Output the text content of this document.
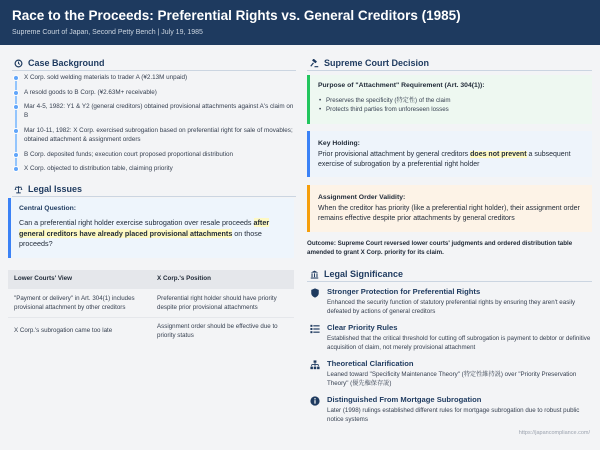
Race to the Proceeds: Preferential Rights vs. General Creditors (1985)
Supreme Court of Japan, Second Petty Bench | July 19, 1985
Case Background
X Corp. sold welding materials to trader A (¥2.13M unpaid)
A resold goods to B Corp. (¥2.63M+ receivable)
Mar 4-5, 1982: Y1 & Y2 (general creditors) obtained provisional attachments against A's claim on B
Mar 10-11, 1982: X Corp. exercised subrogation based on preferential right for sale of movables; obtained attachment & assignment orders
B Corp. deposited funds; execution court proposed proportional distribution
X Corp. objected to distribution table, claiming priority
Legal Issues
Central Question:
Can a preferential right holder exercise subrogation over resale proceeds after general creditors have already placed provisional attachments on those proceeds?
Lower Courts' View	X Corp.'s Position
"Payment or delivery" in Art. 304(1) includes provisional attachment by other creditors
Preferential right holder should have priority despite prior provisional attachments
X Corp.'s subrogation came too late
Assignment order should be effective due to priority status
Supreme Court Decision
Purpose of "Attachment" Requirement (Art. 304(1)):
• Preserves the specificity (特定性) of the claim
• Protects third parties from unforeseen losses
Key Holding:
Prior provisional attachment by general creditors does not prevent a subsequent exercise of subrogation by a preferential right holder
Assignment Order Validity:
When the creditor has priority (like a preferential right holder), their assignment order remains effective despite prior attachments by general creditors
Outcome: Supreme Court reversed lower courts' judgments and ordered distribution table amended to grant X Corp. priority for its claim.
Legal Significance
Stronger Protection for Preferential Rights
Enhanced the security function of statutory preferential rights by ensuring they aren't easily defeated by actions of general creditors
Clear Priority Rules
Established that the critical threshold for cutting off subrogation is payment to debtor or definitive acquisition of claim, not merely provisional attachment
Theoretical Clarification
Leaned toward "Specificity Maintenance Theory" (特定性維持説) over "Priority Preservation Theory" (優先権保存説)
Distinguished From Mortgage Subrogation
Later (1998) rulings established different rules for mortgage subrogation due to robust public notice systems
https://japancompliance.com/
